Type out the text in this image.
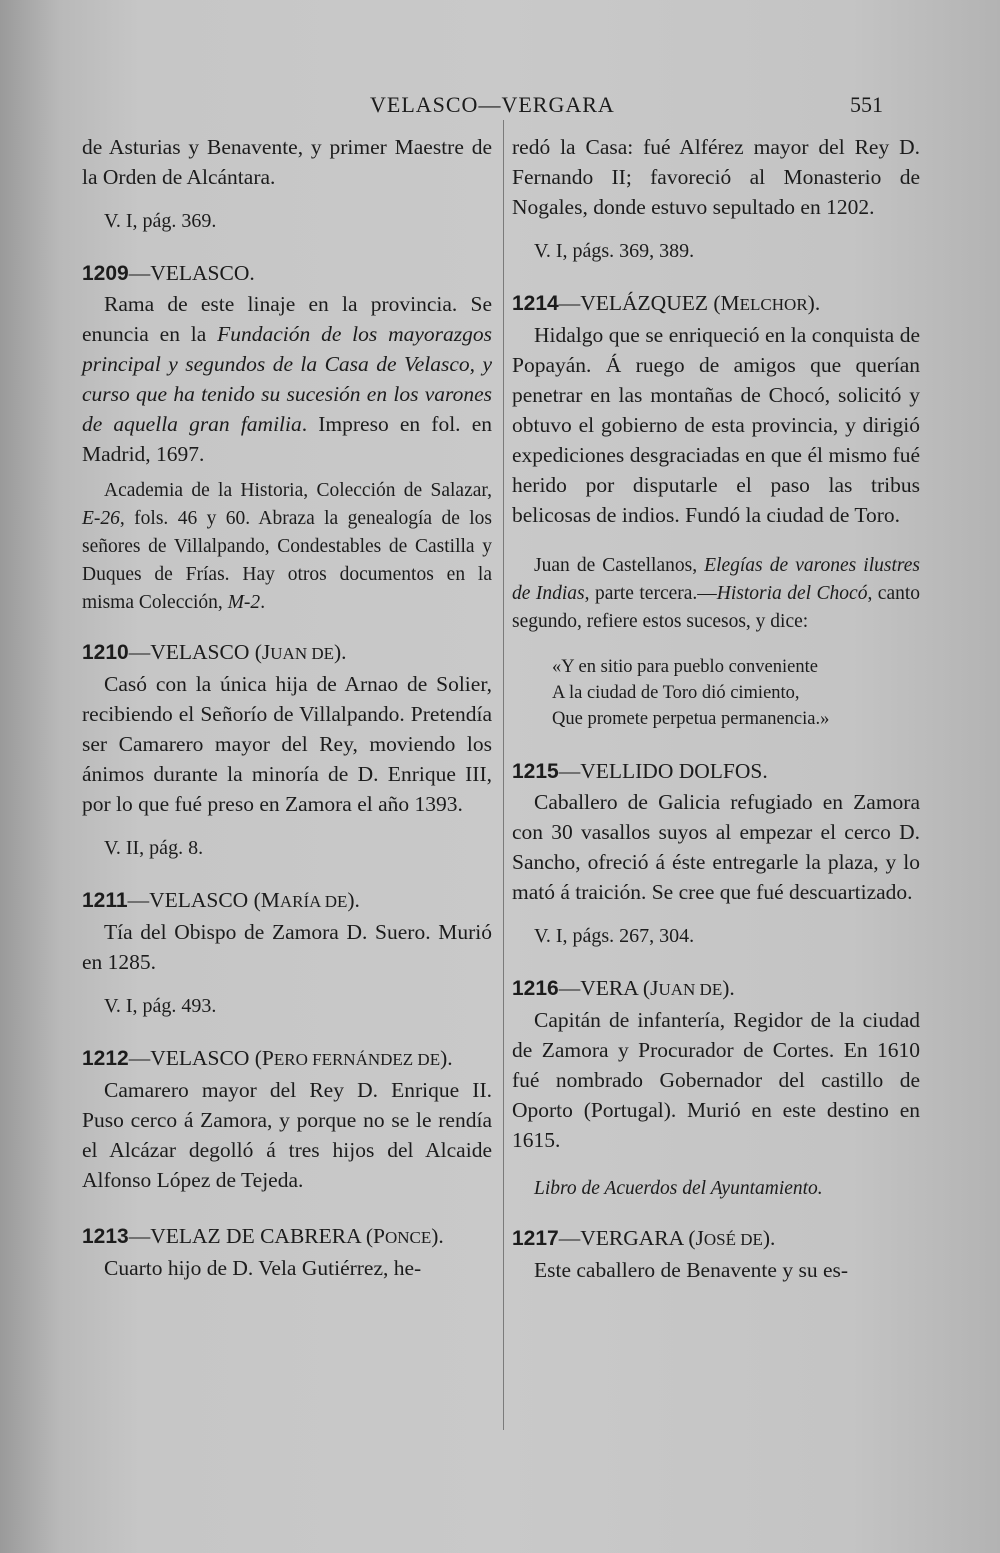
VELASCO—VERGARA	551

de Asturias y Benavente, y primer Maestre de la Orden de Alcántara.

V. I, pág. 369.

1209—VELASCO.

Rama de este linaje en la provincia. Se enuncia en la Fundación de los mayorazgos principal y segundos de la Casa de Velasco, y curso que ha tenido su sucesión en los varones de aquella gran familia. Impreso en fol. en Madrid, 1697.

Academia de la Historia, Colección de Salazar, E-26, fols. 46 y 60. Abraza la genealogía de los señores de Villalpando, Condestables de Castilla y Duques de Frías. Hay otros documentos en la misma Colección, M-2.

1210—VELASCO (JUAN DE).

Casó con la única hija de Arnao de Solier, recibiendo el Señorío de Villalpando. Pretendía ser Camarero mayor del Rey, moviendo los ánimos durante la minoría de D. Enrique III, por lo que fué preso en Zamora el año 1393.

V. II, pág. 8.

1211—VELASCO (MARÍA DE).

Tía del Obispo de Zamora D. Suero. Murió en 1285.

V. I, pág. 493.

1212—VELASCO (PERO FERNÁNDEZ DE).

Camarero mayor del Rey D. Enrique II. Puso cerco á Zamora, y porque no se le rendía el Alcázar degolló á tres hijos del Alcaide Alfonso López de Tejeda.

1213—VELAZ DE CABRERA (PONCE).

Cuarto hijo de D. Vela Gutiérrez, he-

redó la Casa: fué Alférez mayor del Rey D. Fernando II; favoreció al Monasterio de Nogales, donde estuvo sepultado en 1202.

V. I, págs. 369, 389.

1214—VELÁZQUEZ (MELCHOR).

Hidalgo que se enriqueció en la conquista de Popayán. Á ruego de amigos que querían penetrar en las montañas de Chocó, solicitó y obtuvo el gobierno de esta provincia, y dirigió expediciones desgraciadas en que él mismo fué herido por disputarle el paso las tribus belicosas de indios. Fundó la ciudad de Toro.

Juan de Castellanos, Elegías de varones ilustres de Indias, parte tercera.—Historia del Chocó, canto segundo, refiere estos sucesos, y dice:

«Y en sitio para pueblo conveniente
A la ciudad de Toro dió cimiento,
Que promete perpetua permanencia.»

1215—VELLIDO DOLFOS.

Caballero de Galicia refugiado en Zamora con 30 vasallos suyos al empezar el cerco D. Sancho, ofreció á éste entregarle la plaza, y lo mató á traición. Se cree que fué descuartizado.

V. I, págs. 267, 304.

1216—VERA (JUAN DE).

Capitán de infantería, Regidor de la ciudad de Zamora y Procurador de Cortes. En 1610 fué nombrado Gobernador del castillo de Oporto (Portugal). Murió en este destino en 1615.

Libro de Acuerdos del Ayuntamiento.

1217—VERGARA (JOSÉ DE).

Este caballero de Benavente y su es-
